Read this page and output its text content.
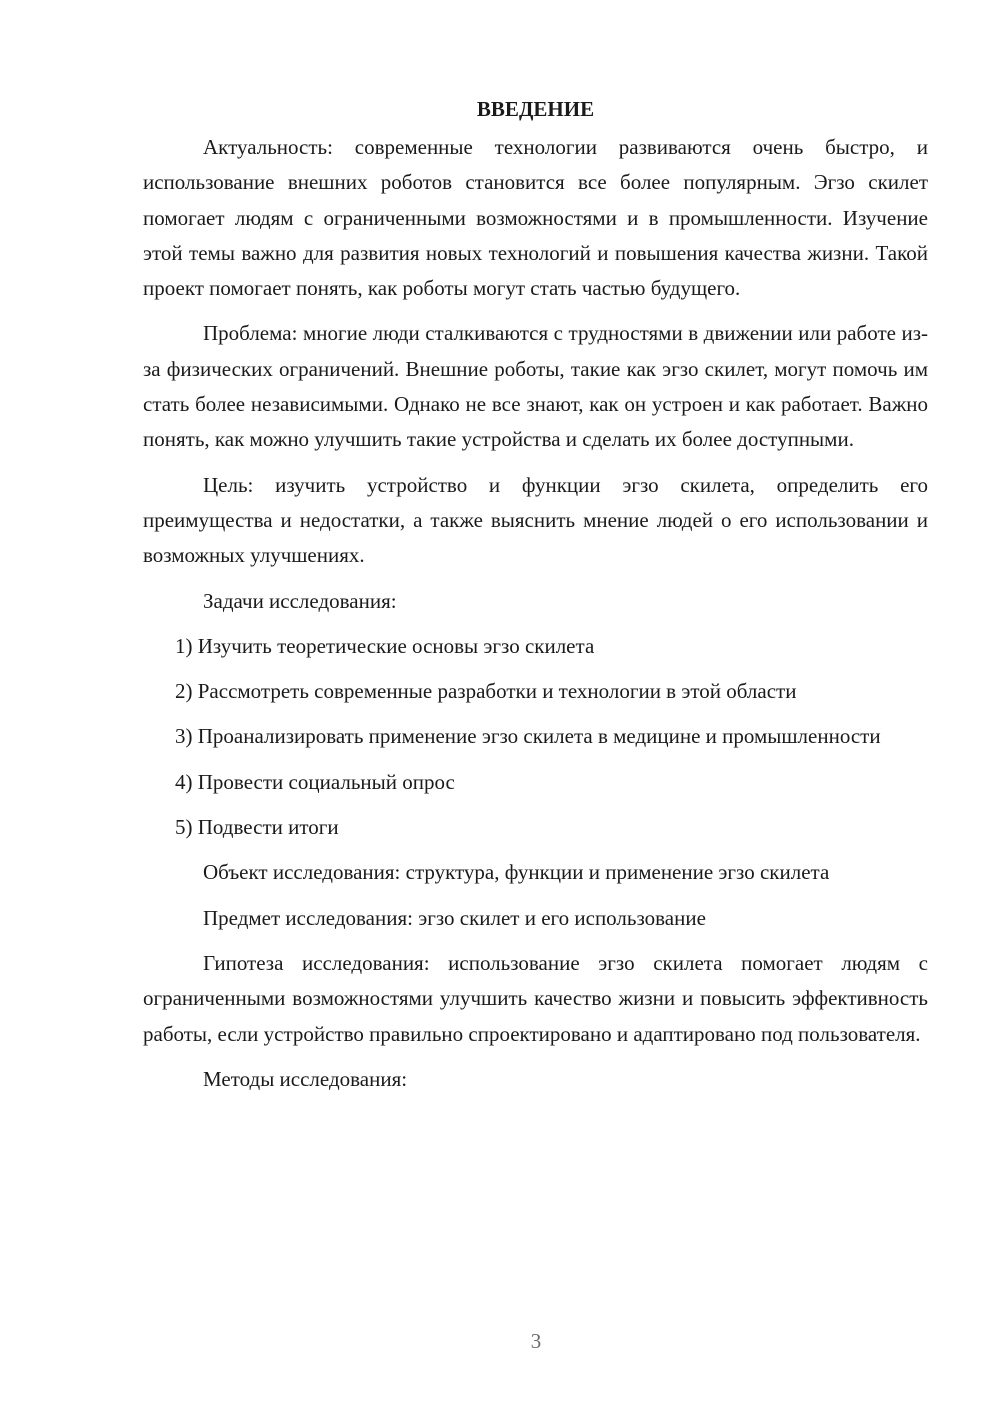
ВВЕДЕНИЕ

Актуальность: современные технологии развиваются очень быстро, и использование внешних роботов становится все более популярным. Эгзо скилет помогает людям с ограниченными возможностями и в промышленности. Изучение этой темы важно для развития новых технологий и повышения качества жизни. Такой проект помогает понять, как роботы могут стать частью будущего.

Проблема: многие люди сталкиваются с трудностями в движении или работе из-за физических ограничений. Внешние роботы, такие как эгзо скилет, могут помочь им стать более независимыми. Однако не все знают, как он устроен и как работает. Важно понять, как можно улучшить такие устройства и сделать их более доступными.

Цель: изучить устройство и функции эгзо скилета, определить его преимущества и недостатки, а также выяснить мнение людей о его использовании и возможных улучшениях.

Задачи исследования:

1) Изучить теоретические основы эгзо скилета

2) Рассмотреть современные разработки и технологии в этой области

3) Проанализировать применение эгзо скилета в медицине и промышленности

4) Провести социальный опрос

5) Подвести итоги

Объект исследования: структура, функции и применение эгзо скилета

Предмет исследования: эгзо скилет и его использование

Гипотеза исследования: использование эгзо скилета помогает людям с ограниченными возможностями улучшить качество жизни и повысить эффективность работы, если устройство правильно спроектировано и адаптировано под пользователя.

Методы исследования:

3
